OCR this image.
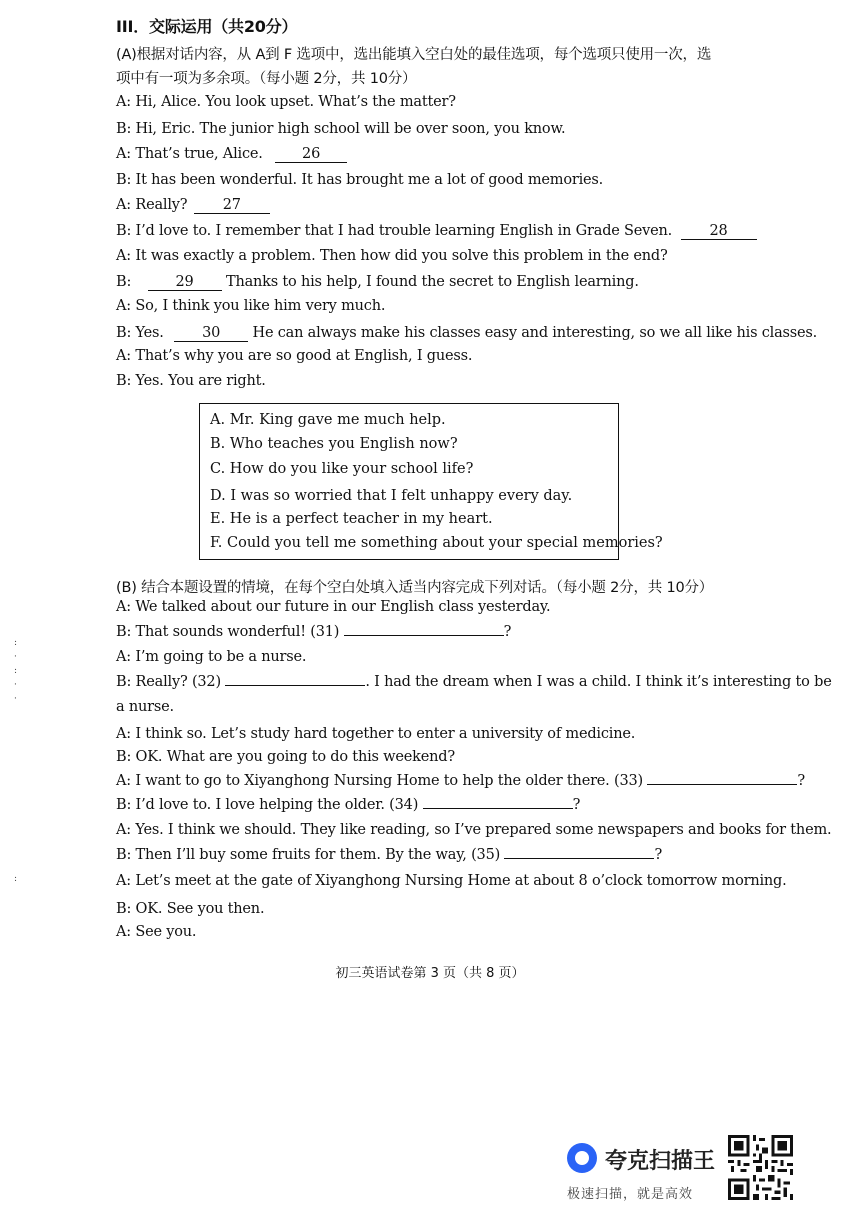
III．交际运用（共20分）
(A)根据对话内容，从 A到 F 选项中，选出能填入空白处的最佳选项，每个选项只使用一次，选
项中有一项为多余项。（每小题 2分，共 10分）
A: Hi, Alice. You look upset. What’s the matter?
B: Hi, Eric. The junior high school will be over soon, you know.
A: That’s true, Alice. 26
B: It has been wonderful. It has brought me a lot of good memories.
A: Really? 27
B: I’d love to. I remember that I had trouble learning English in Grade Seven. 28
A: It was exactly a problem. Then how did you solve this problem in the end?
B:	29 Thanks to his help, I found the secret to English learning.
A: So, I think you like him very much.
B: Yes. 30 He can always make his classes easy and interesting, so we all like his classes.
A: That’s why you are so good at English, I guess.
B: Yes. You are right.
A. Mr. King gave me much help.
B. Who teaches you English now?
C. How do you like your school life?
D. I was so worried that I felt unhappy every day.
E. He is a perfect teacher in my heart.
F. Could you tell me something about your special memories?
(B) 结合本题设置的情境，在每个空白处填入适当内容完成下列对话。（每小题 2分，共 10分）
A: We talked about our future in our English class yesterday.
B: That sounds wonderful! (31)	?
A: I’m going to be a nurse.
B: Really? (32)	. I had the dream when I was a child. I think it’s interesting to be
a nurse.
A: I think so. Let’s study hard together to enter a university of medicine.
B: OK. What are you going to do this weekend?
A: I want to go to Xiyanghong Nursing Home to help the older there. (33)	?
B: I’d love to. I love helping the older. (34)	?
A: Yes. I think we should. They like reading, so I’ve prepared some newspapers and books for them.
B: Then I’ll buy some fruits for them. By the way, (35)	?
A: Let’s meet at the gate of Xiyanghong Nursing Home at about 8 o’clock tomorrow morning.
B: OK. See you then.
A: See you.
:
·
:
·
·
:
初三英语试卷第 3 页（共 8 页）
夸克扫描王
极速扫描，就是高效
